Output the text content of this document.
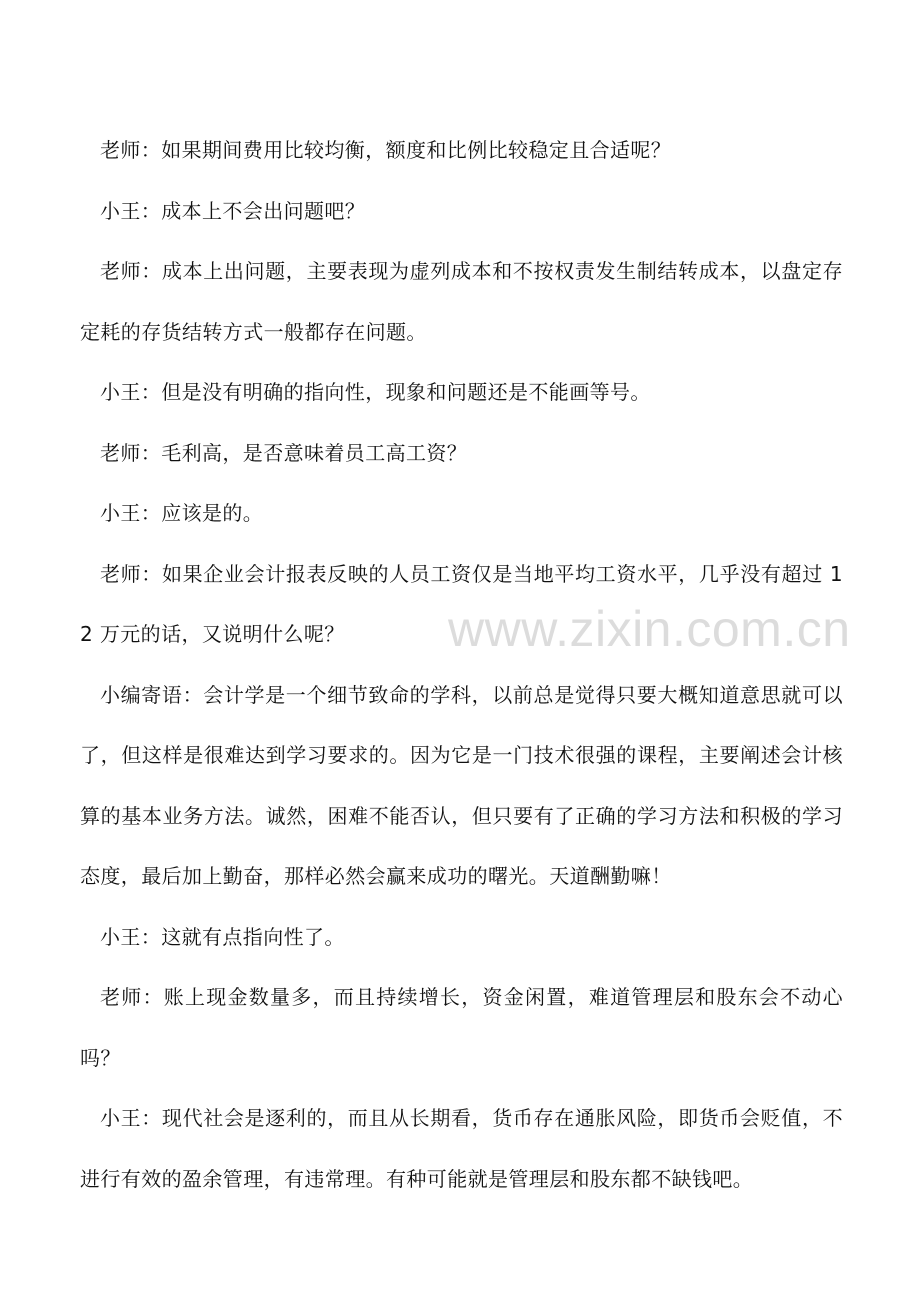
www.zixin.com.cn

老师：如果期间费用比较均衡，额度和比例比较稳定且合适呢？

小王：成本上不会出问题吧？

老师：成本上出问题，主要表现为虚列成本和不按权责发生制结转成本，以盘定存定耗的存货结转方式一般都存在问题。

小王：但是没有明确的指向性，现象和问题还是不能画等号。

老师：毛利高，是否意味着员工高工资？

小王：应该是的。

老师：如果企业会计报表反映的人员工资仅是当地平均工资水平，几乎没有超过 12 万元的话，又说明什么呢？

小编寄语：会计学是一个细节致命的学科，以前总是觉得只要大概知道意思就可以了，但这样是很难达到学习要求的。因为它是一门技术很强的课程，主要阐述会计核算的基本业务方法。诚然，困难不能否认，但只要有了正确的学习方法和积极的学习态度，最后加上勤奋，那样必然会赢来成功的曙光。天道酬勤嘛！

小王：这就有点指向性了。

老师：账上现金数量多，而且持续增长，资金闲置，难道管理层和股东会不动心吗？

小王：现代社会是逐利的，而且从长期看，货币存在通胀风险，即货币会贬值，不进行有效的盈余管理，有违常理。有种可能就是管理层和股东都不缺钱吧。
